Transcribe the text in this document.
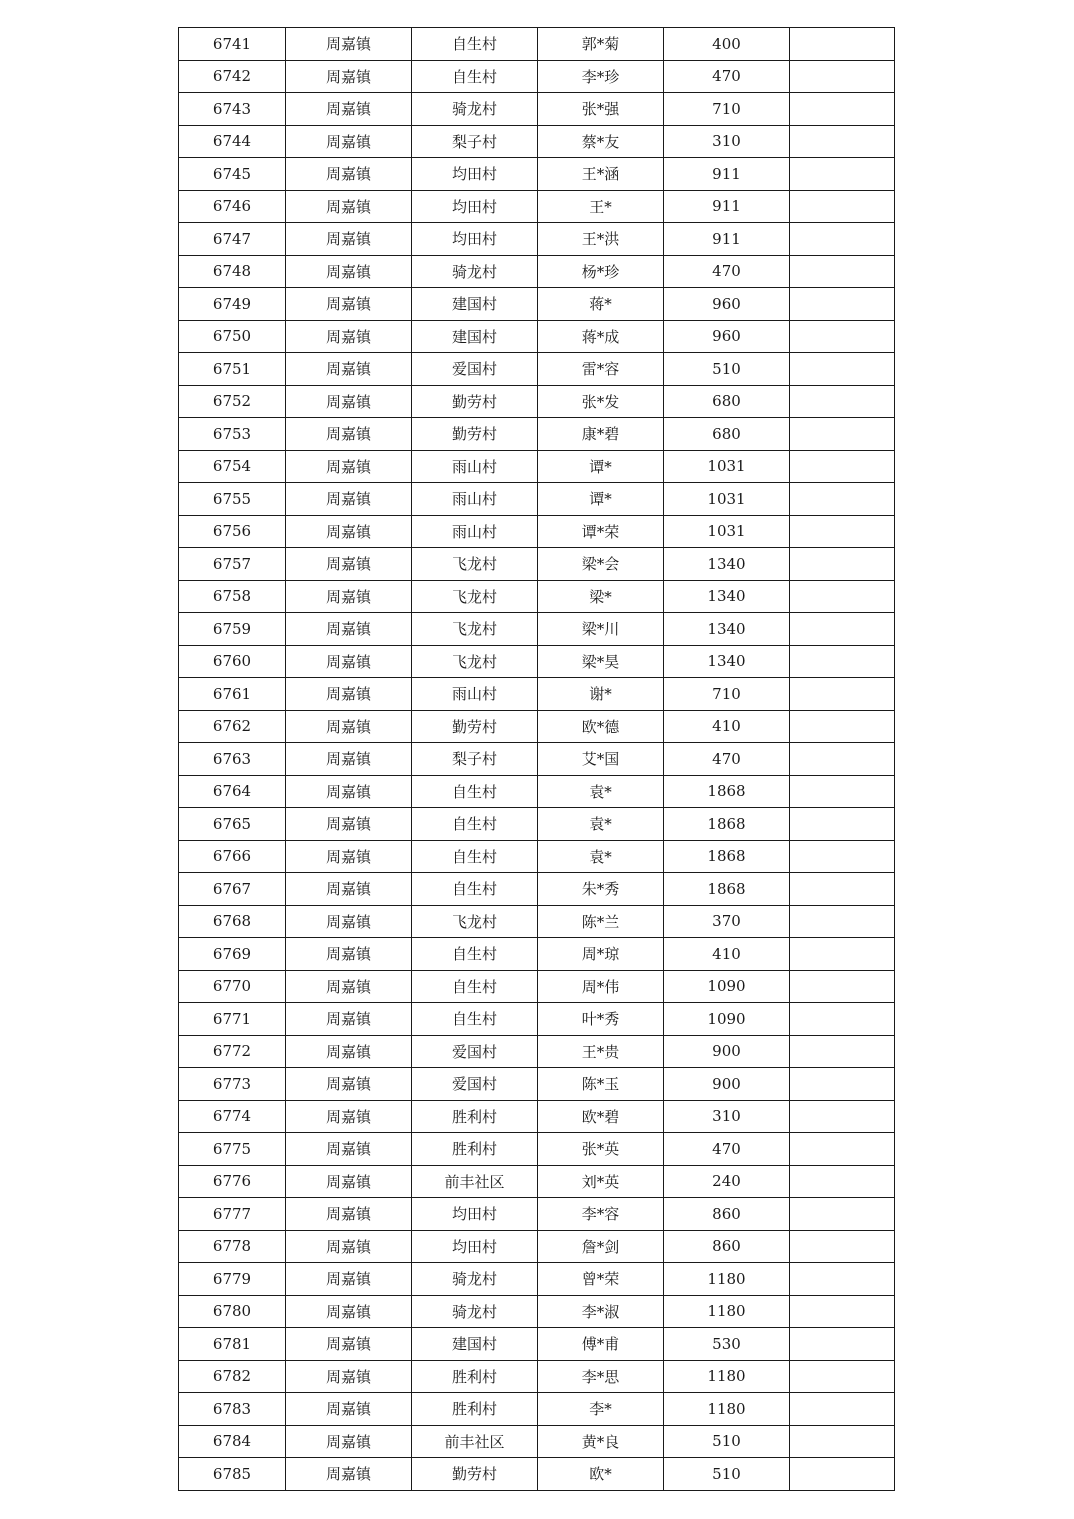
6741	周嘉镇	自生村	郭*菊	400	
6742	周嘉镇	自生村	李*珍	470	
6743	周嘉镇	骑龙村	张*强	710	
6744	周嘉镇	梨子村	蔡*友	310	
6745	周嘉镇	均田村	王*涵	911	
6746	周嘉镇	均田村	王*	911	
6747	周嘉镇	均田村	王*洪	911	
6748	周嘉镇	骑龙村	杨*珍	470	
6749	周嘉镇	建国村	蒋*	960	
6750	周嘉镇	建国村	蒋*成	960	
6751	周嘉镇	爱国村	雷*容	510	
6752	周嘉镇	勤劳村	张*发	680	
6753	周嘉镇	勤劳村	康*碧	680	
6754	周嘉镇	雨山村	谭*	1031	
6755	周嘉镇	雨山村	谭*	1031	
6756	周嘉镇	雨山村	谭*荣	1031	
6757	周嘉镇	飞龙村	梁*会	1340	
6758	周嘉镇	飞龙村	梁*	1340	
6759	周嘉镇	飞龙村	梁*川	1340	
6760	周嘉镇	飞龙村	梁*昊	1340	
6761	周嘉镇	雨山村	谢*	710	
6762	周嘉镇	勤劳村	欧*德	410	
6763	周嘉镇	梨子村	艾*国	470	
6764	周嘉镇	自生村	袁*	1868	
6765	周嘉镇	自生村	袁*	1868	
6766	周嘉镇	自生村	袁*	1868	
6767	周嘉镇	自生村	朱*秀	1868	
6768	周嘉镇	飞龙村	陈*兰	370	
6769	周嘉镇	自生村	周*琼	410	
6770	周嘉镇	自生村	周*伟	1090	
6771	周嘉镇	自生村	叶*秀	1090	
6772	周嘉镇	爱国村	王*贵	900	
6773	周嘉镇	爱国村	陈*玉	900	
6774	周嘉镇	胜利村	欧*碧	310	
6775	周嘉镇	胜利村	张*英	470	
6776	周嘉镇	前丰社区	刘*英	240	
6777	周嘉镇	均田村	李*容	860	
6778	周嘉镇	均田村	詹*剑	860	
6779	周嘉镇	骑龙村	曾*荣	1180	
6780	周嘉镇	骑龙村	李*淑	1180	
6781	周嘉镇	建国村	傅*甫	530	
6782	周嘉镇	胜利村	李*思	1180	
6783	周嘉镇	胜利村	李*	1180	
6784	周嘉镇	前丰社区	黄*良	510	
6785	周嘉镇	勤劳村	欧*	510	
